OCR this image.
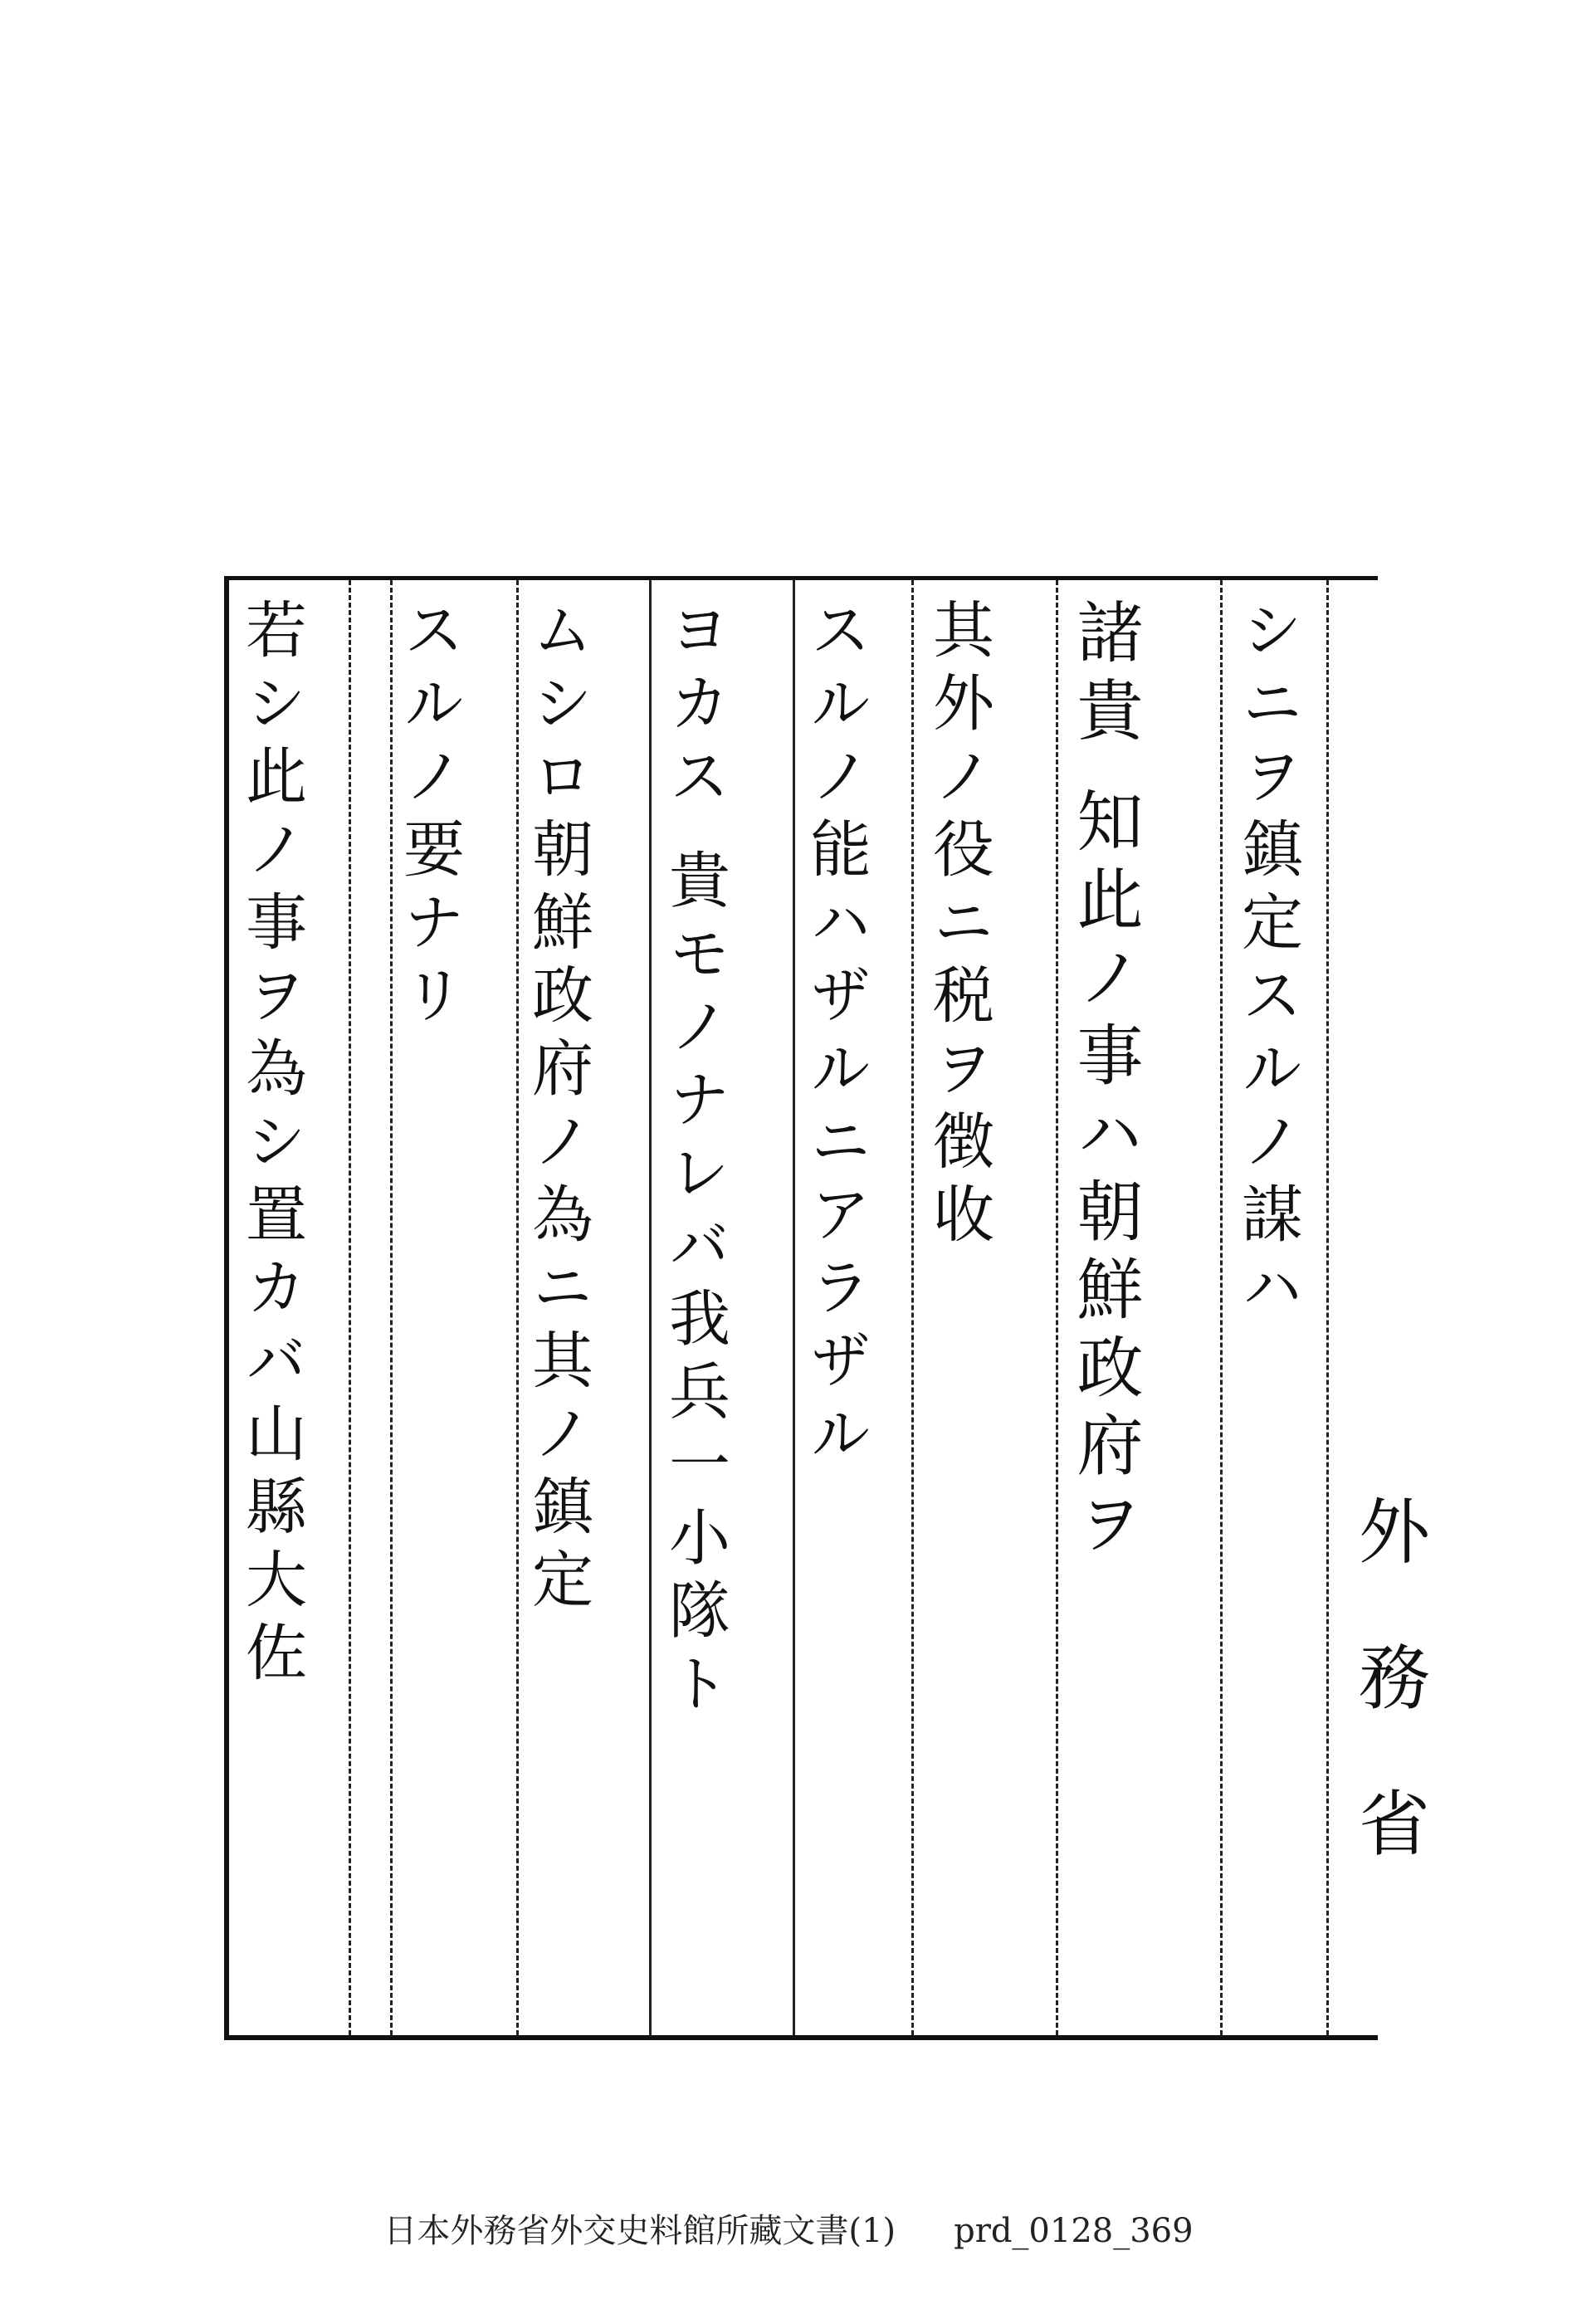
シニヲ鎮定スルノ謀ハ
諸貴 知此ノ事ハ朝鮮政府ヲ
其外ノ役ニ税ヲ徴收
スルノ能ハザルニアラザル
ヨカス 貴モノナレバ我兵一小隊ト
ムシロ朝鮮政府ノ為ニ其ノ鎮定
スルノ要ナリ
若シ此ノ事ヲ為シ置カバ山縣大佐
外務省
日本外務省外交史料館所藏文書(1) prd_0128_369
